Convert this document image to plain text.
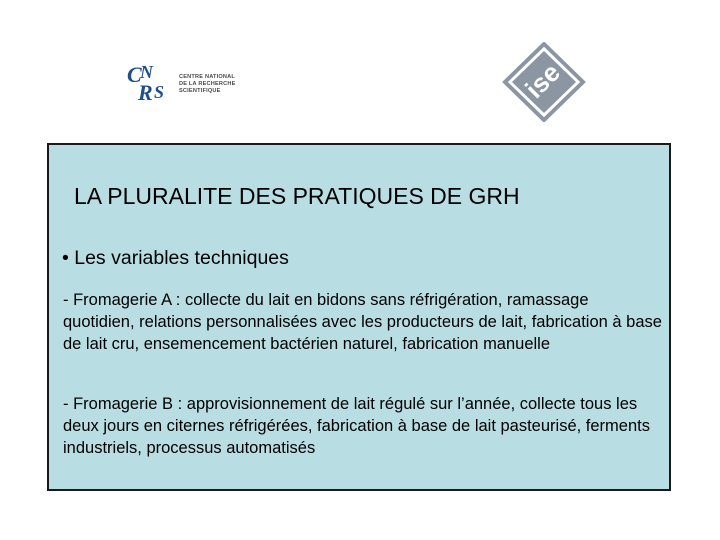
C
N
R S
CENTRE NATIONAL
DE LA RECHERCHE
SCIENTIFIQUE	ise
LA PLURALITE DES PRATIQUES DE GRH
• Les variables techniques
- Fromagerie A : collecte du lait en bidons sans réfrigération, ramassage quotidien, relations personnalisées avec les producteurs de lait, fabrication à base de lait cru, ensemencement bactérien naturel, fabrication manuelle
- Fromagerie B : approvisionnement de lait régulé sur l’année, collecte tous les deux jours en citernes réfrigérées, fabrication à base de lait pasteurisé, ferments industriels, processus automatisés
